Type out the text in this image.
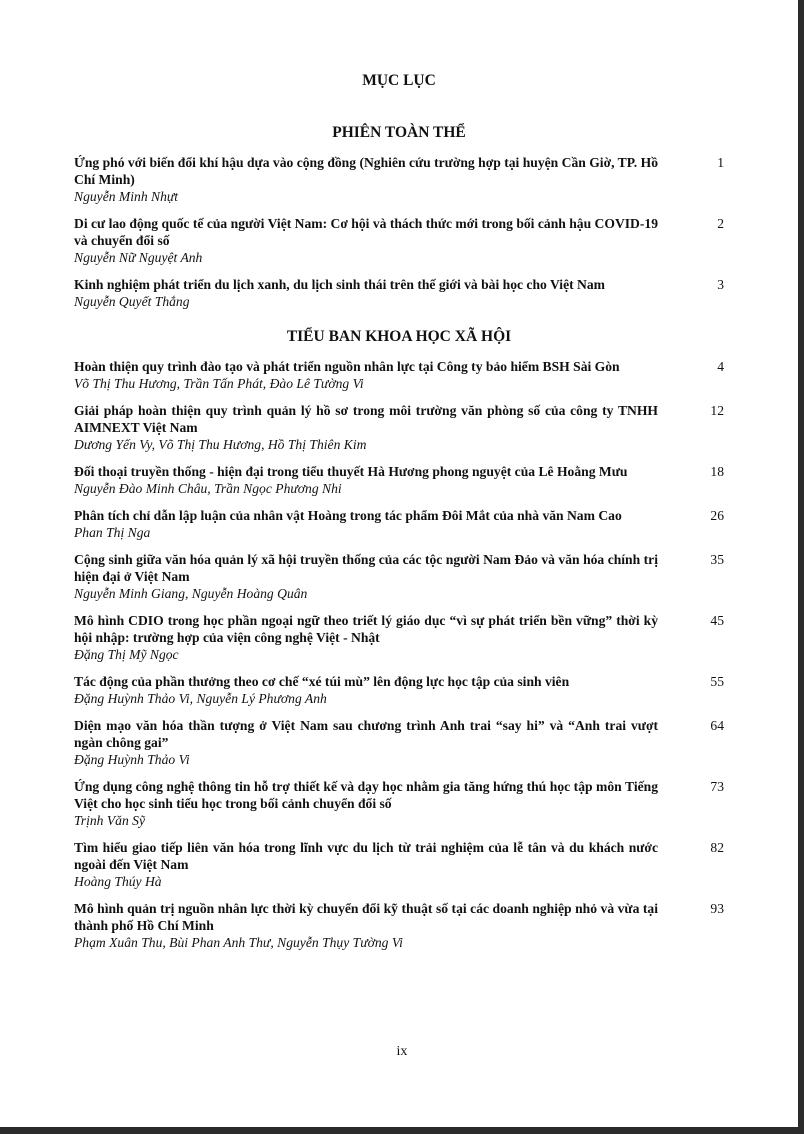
MỤC LỤC
PHIÊN TOÀN THỂ
Ứng phó với biến đổi khí hậu dựa vào cộng đồng (Nghiên cứu trường hợp tại huyện Cần Giờ, TP. Hồ Chí Minh)
Nguyễn Minh Nhựt
1
Di cư lao động quốc tế của người Việt Nam: Cơ hội và thách thức mới trong bối cảnh hậu COVID-19 và chuyển đổi số
Nguyễn Nữ Nguyệt Anh
2
Kinh nghiệm phát triển du lịch xanh, du lịch sinh thái trên thế giới và bài học cho Việt Nam
Nguyễn Quyết Thắng
3
TIỂU BAN KHOA HỌC XÃ HỘI
Hoàn thiện quy trình đào tạo và phát triển nguồn nhân lực tại Công ty bảo hiểm BSH Sài Gòn
Võ Thị Thu Hương, Trần Tấn Phát, Đào Lê Tường Vi
4
Giải pháp hoàn thiện quy trình quản lý hồ sơ trong môi trường văn phòng số của công ty TNHH AIMNEXT Việt Nam
Dương Yến Vy, Võ Thị Thu Hương, Hồ Thị Thiên Kim
12
Đối thoại truyền thống - hiện đại trong tiểu thuyết Hà Hương phong nguyệt của Lê Hoằng Mưu
Nguyễn Đào Minh Châu, Trần Ngọc Phương Nhi
18
Phân tích chỉ dẫn lập luận của nhân vật Hoàng trong tác phẩm Đôi Mắt của nhà văn Nam Cao
Phan Thị Nga
26
Cộng sinh giữa văn hóa quản lý xã hội truyền thống của các tộc người Nam Đảo và văn hóa chính trị hiện đại ở Việt Nam
Nguyễn Minh Giang, Nguyễn Hoàng Quân
35
Mô hình CDIO trong học phần ngoại ngữ theo triết lý giáo dục “vì sự phát triển bền vững” thời kỳ hội nhập: trường hợp của viện công nghệ Việt - Nhật
Đặng Thị Mỹ Ngọc
45
Tác động của phần thưởng theo cơ chế “xé túi mù” lên động lực học tập của sinh viên
Đặng Huỳnh Thảo Vi, Nguyễn Lý Phương Anh
55
Diện mạo văn hóa thần tượng ở Việt Nam sau chương trình Anh trai “say hi” và “Anh trai vượt ngàn chông gai”
Đặng Huỳnh Thảo Vi
64
Ứng dụng công nghệ thông tin hỗ trợ thiết kế và dạy học nhằm gia tăng hứng thú học tập môn Tiếng Việt cho học sinh tiểu học trong bối cảnh chuyển đổi số
Trịnh Văn Sỹ
73
Tìm hiểu giao tiếp liên văn hóa trong lĩnh vực du lịch từ trải nghiệm của lễ tân và du khách nước ngoài đến Việt Nam
Hoàng Thúy Hà
82
Mô hình quản trị nguồn nhân lực thời kỳ chuyển đổi kỹ thuật số tại các doanh nghiệp nhỏ và vừa tại thành phố Hồ Chí Minh
Phạm Xuân Thu, Bùi Phan Anh Thư, Nguyễn Thụy Tường Vi
93
ix
